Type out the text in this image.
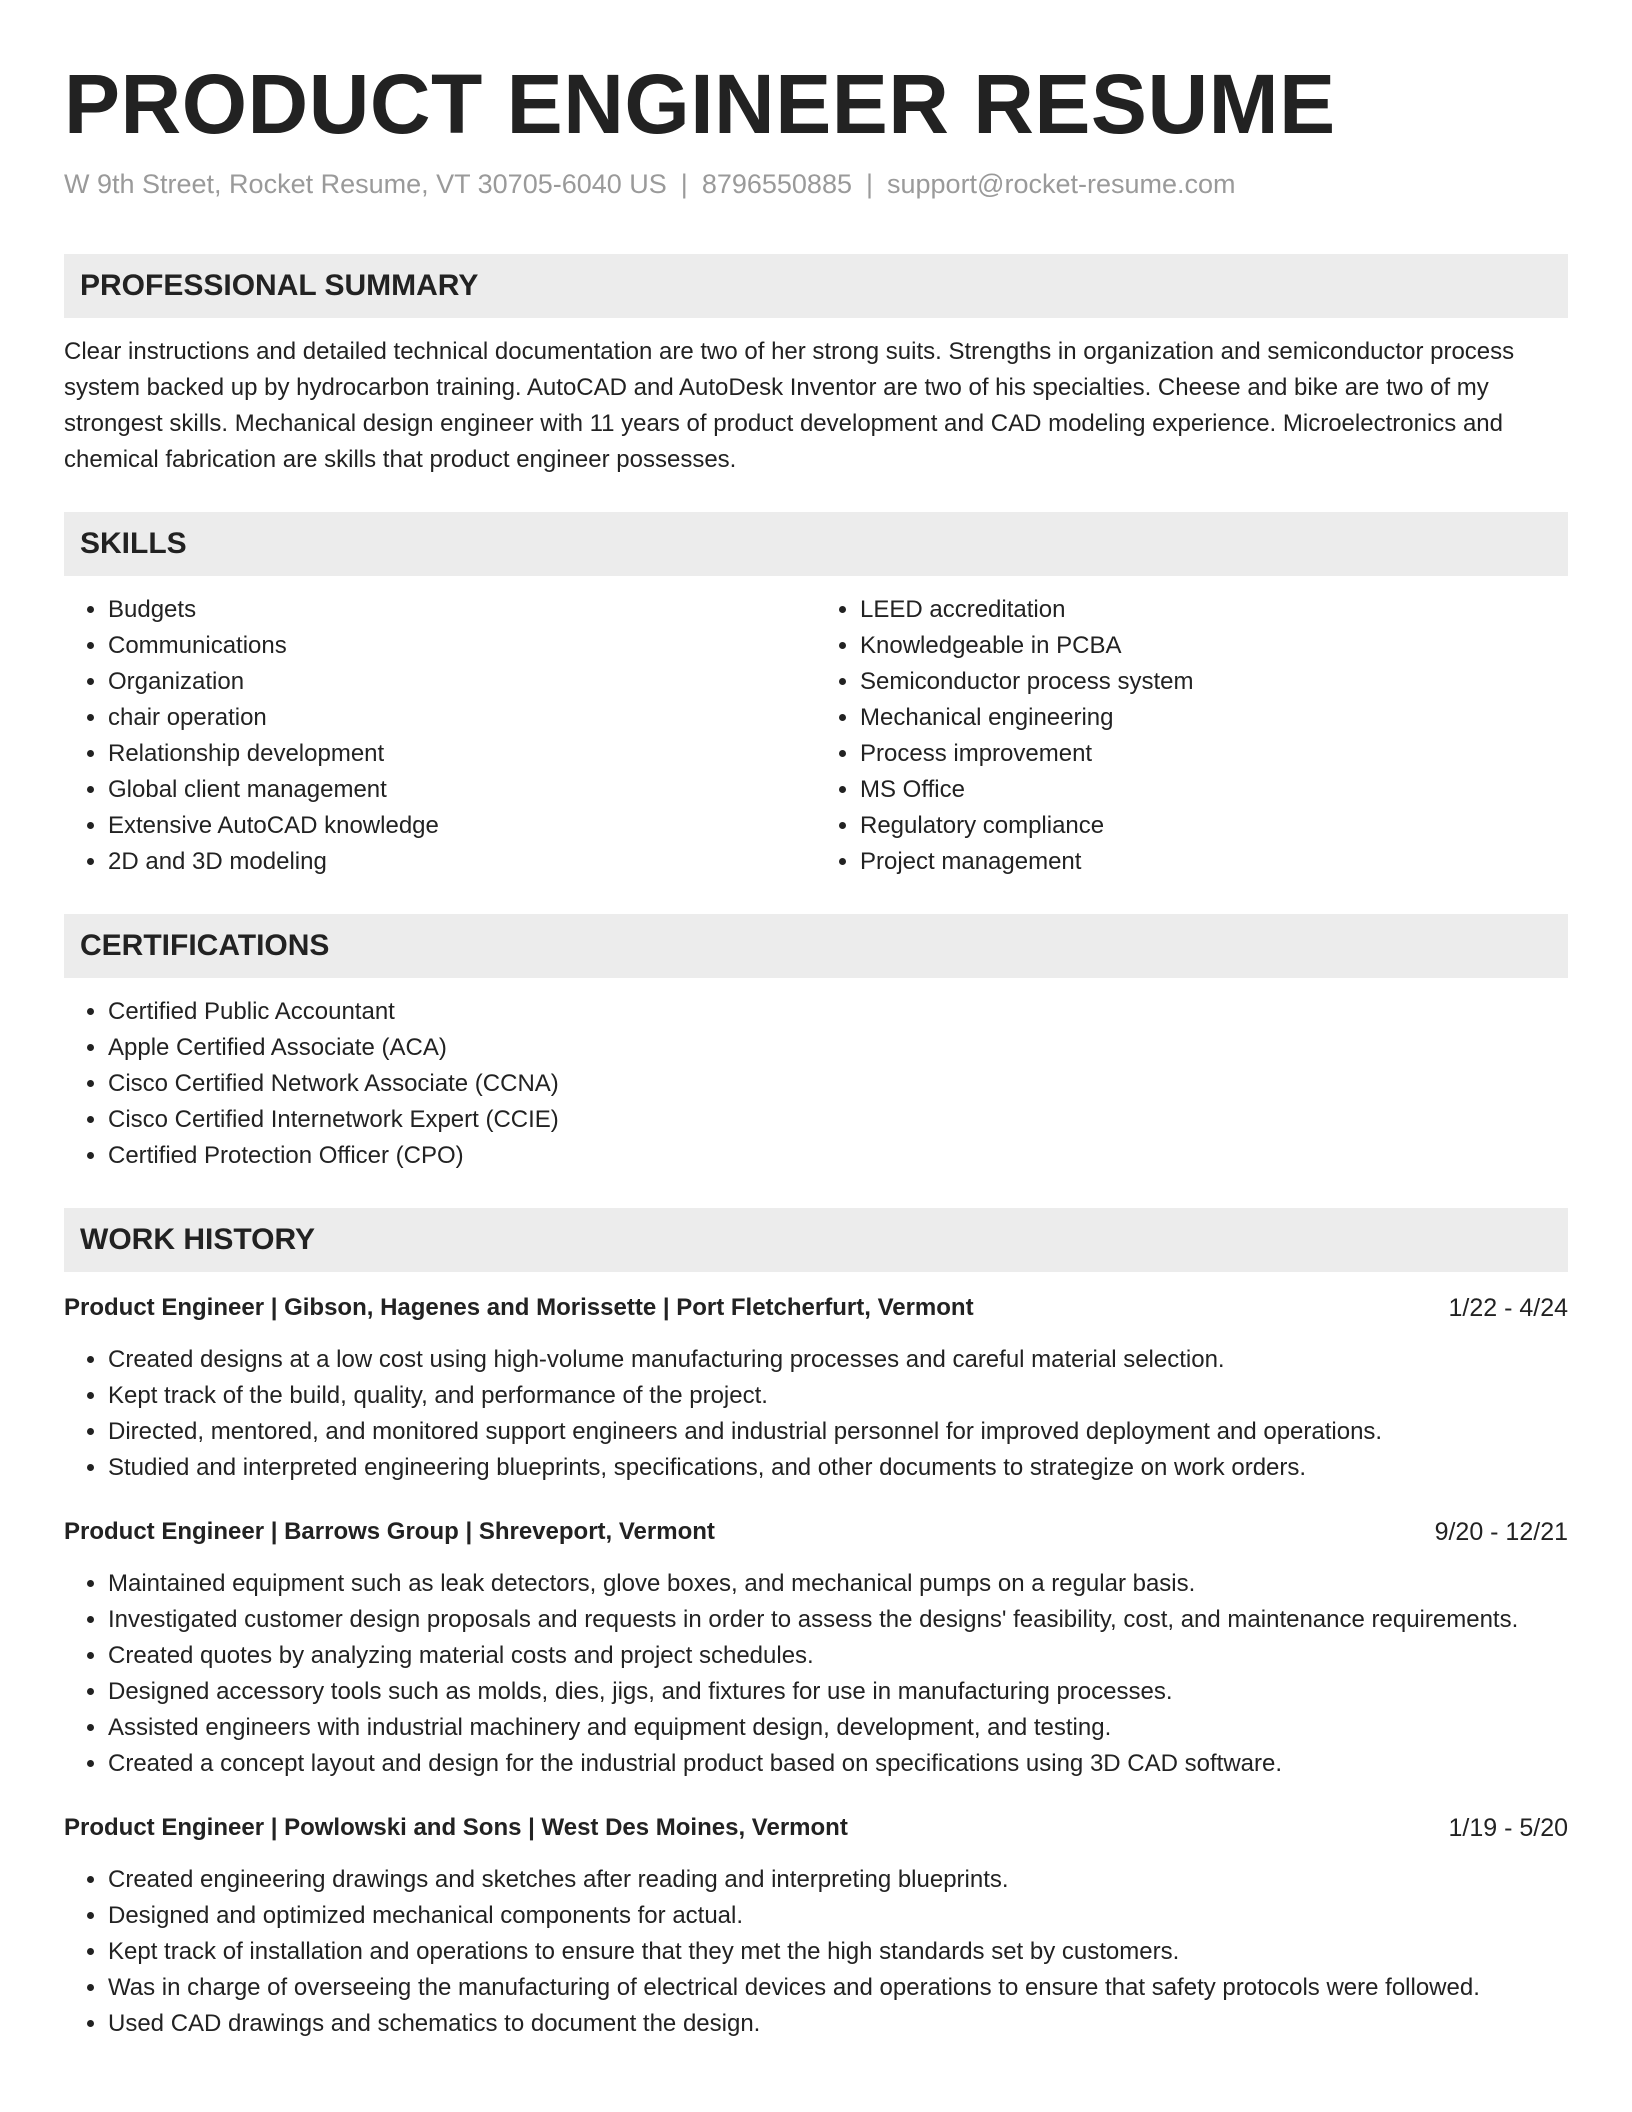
PRODUCT ENGINEER RESUME
W 9th Street, Rocket Resume, VT 30705-6040 US | 8796550885 | support@rocket-resume.com
PROFESSIONAL SUMMARY

Clear instructions and detailed technical documentation are two of her strong suits. Strengths in organization and semiconductor process system backed up by hydrocarbon training. AutoCAD and AutoDesk Inventor are two of his specialties. Cheese and bike are two of my strongest skills. Mechanical design engineer with 11 years of product development and CAD modeling experience. Microelectronics and chemical fabrication are skills that product engineer possesses.

SKILLS
• Budgets
• Communications
• Organization
• chair operation
• Relationship development
• Global client management
• Extensive AutoCAD knowledge
• 2D and 3D modeling
• LEED accreditation
• Knowledgeable in PCBA
• Semiconductor process system
• Mechanical engineering
• Process improvement
• MS Office
• Regulatory compliance
• Project management
CERTIFICATIONS
• Certified Public Accountant
• Apple Certified Associate (ACA)
• Cisco Certified Network Associate (CCNA)
• Cisco Certified Internetwork Expert (CCIE)
• Certified Protection Officer (CPO)
WORK HISTORY
Product Engineer | Gibson, Hagenes and Morissette | Port Fletcherfurt, Vermont	1/22 - 4/24
• Created designs at a low cost using high-volume manufacturing processes and careful material selection.
• Kept track of the build, quality, and performance of the project.
• Directed, mentored, and monitored support engineers and industrial personnel for improved deployment and operations.
• Studied and interpreted engineering blueprints, specifications, and other documents to strategize on work orders.
Product Engineer | Barrows Group | Shreveport, Vermont	9/20 - 12/21
• Maintained equipment such as leak detectors, glove boxes, and mechanical pumps on a regular basis.
• Investigated customer design proposals and requests in order to assess the designs' feasibility, cost, and maintenance requirements.
• Created quotes by analyzing material costs and project schedules.
• Designed accessory tools such as molds, dies, jigs, and fixtures for use in manufacturing processes.
• Assisted engineers with industrial machinery and equipment design, development, and testing.
• Created a concept layout and design for the industrial product based on specifications using 3D CAD software.
Product Engineer | Powlowski and Sons | West Des Moines, Vermont	1/19 - 5/20
• Created engineering drawings and sketches after reading and interpreting blueprints.
• Designed and optimized mechanical components for actual.
• Kept track of installation and operations to ensure that they met the high standards set by customers.
• Was in charge of overseeing the manufacturing of electrical devices and operations to ensure that safety protocols were followed.
• Used CAD drawings and schematics to document the design.
